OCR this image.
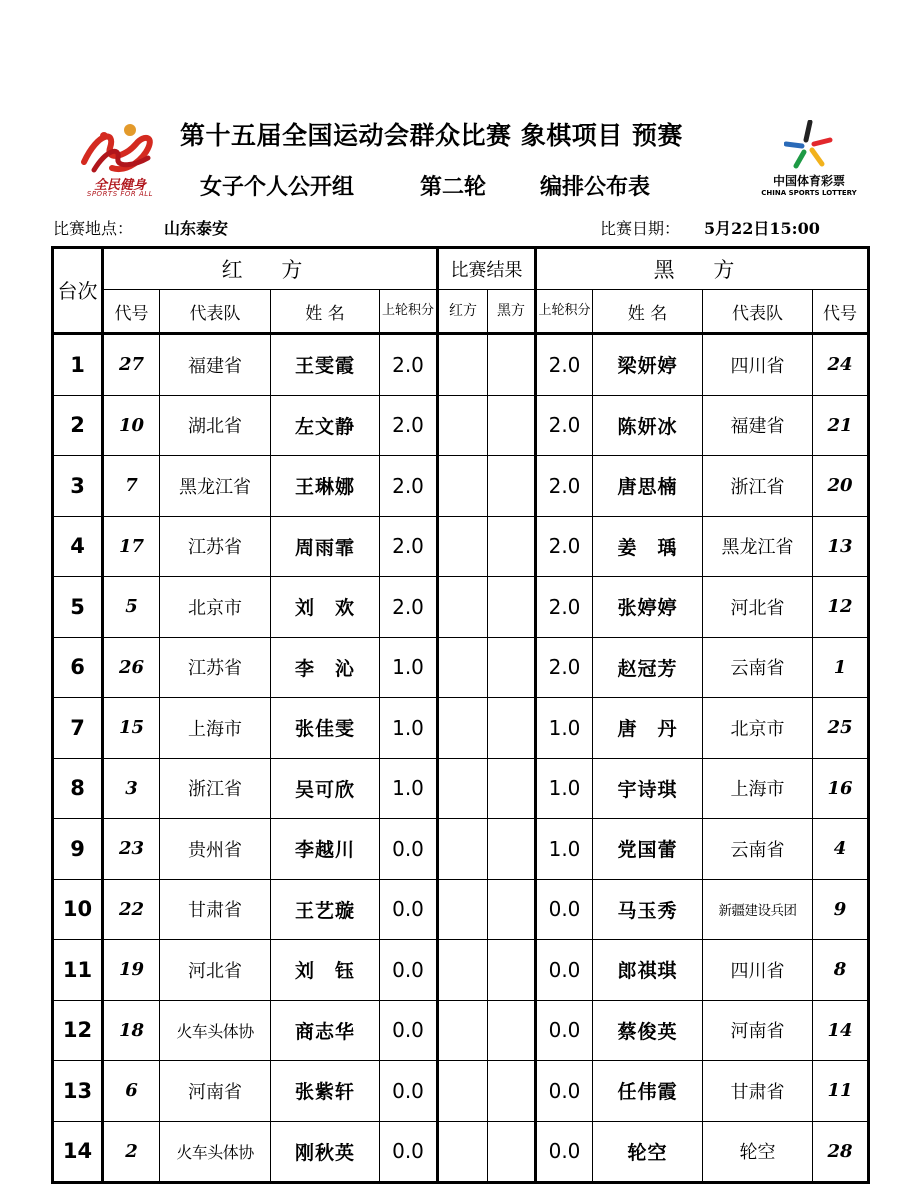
全民健身
SPORTS FOR ALL
中国体育彩票
CHINA SPORTS LOTTERY
第十五届全国运动会群众比赛 象棋项目 预赛
女子个人公开组	第二轮 编排公布表
比赛地点： 山东泰安	比赛日期： 5月22日15:00
台次	红 方				比赛结果		黑 方			
	代号	代表队	姓 名	上轮积分	红方	黑方	上轮积分	姓 名	代表队	代号
1	27	福建省	王雯霞	2.0			2.0	梁妍婷	四川省	24
2	10	湖北省	左文静	2.0			2.0	陈妍冰	福建省	21
3	7	黑龙江省	王琳娜	2.0			2.0	唐思楠	浙江省	20
4	17	江苏省	周雨霏	2.0			2.0	姜　瑀	黑龙江省	13
5	5	北京市	刘　欢	2.0			2.0	张婷婷	河北省	12
6	26	江苏省	李　沁	1.0			2.0	赵冠芳	云南省	1
7	15	上海市	张佳雯	1.0			1.0	唐　丹	北京市	25
8	3	浙江省	吴可欣	1.0			1.0	宇诗琪	上海市	16
9	23	贵州省	李越川	0.0			1.0	党国蕾	云南省	4
10	22	甘肃省	王艺璇	0.0			0.0	马玉秀	新疆建设兵团	9
11	19	河北省	刘　钰	0.0			0.0	郎祺琪	四川省	8
12	18	火车头体协	商志华	0.0			0.0	蔡俊英	河南省	14
13	6	河南省	张紫轩	0.0			0.0	任伟霞	甘肃省	11
14	2	火车头体协	刚秋英	0.0			0.0	轮空	轮空	28
